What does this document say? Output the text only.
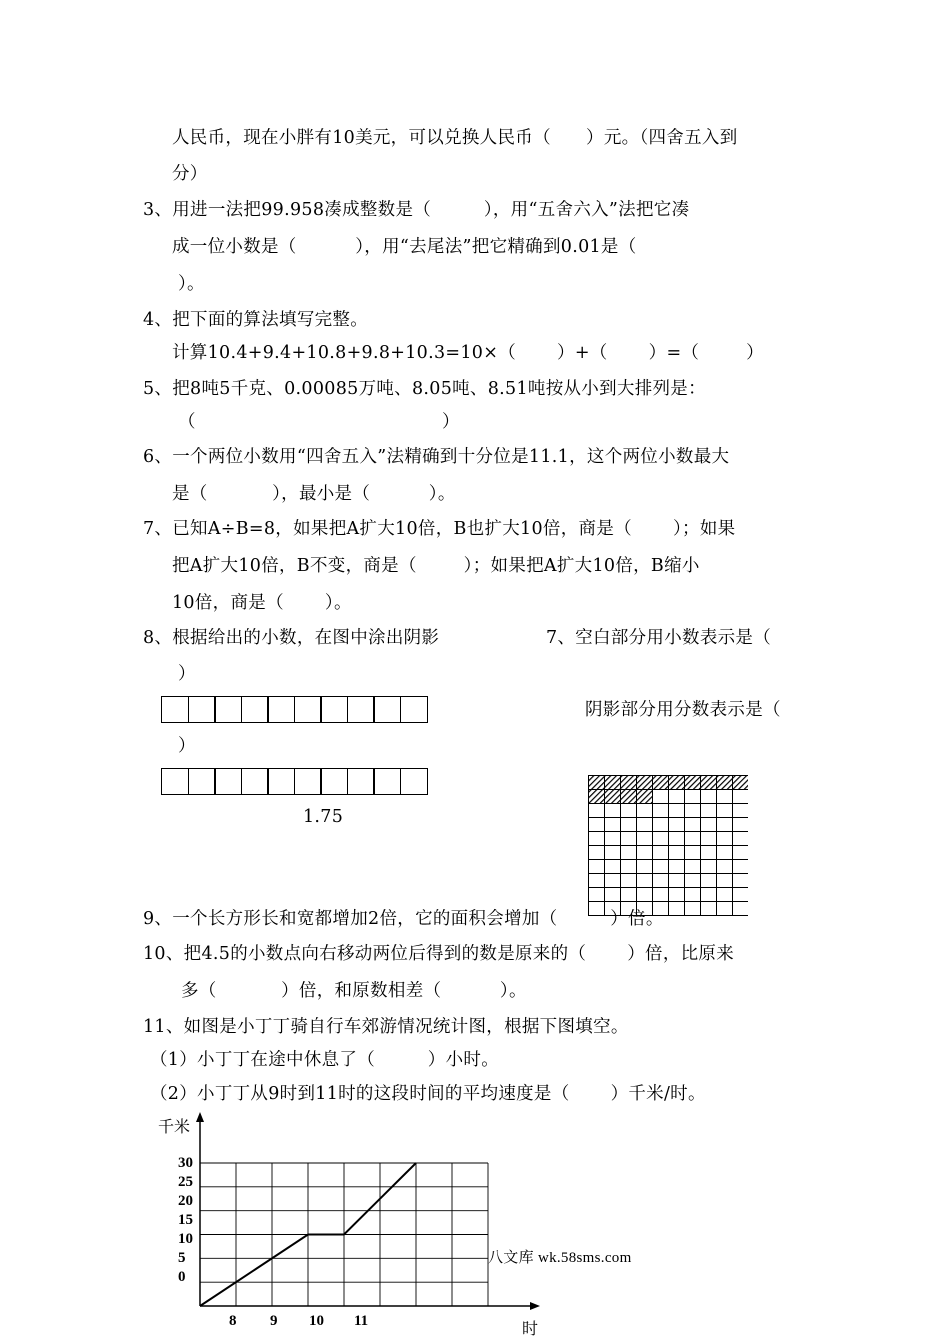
人民币，现在小胖有10美元，可以兑换人民币（      ）元。（四舍五入到
分）
3、用进一法把99.958凑成整数是（         ），用“五舍六入”法把它凑
成一位小数是（          ），用“去尾法”把它精确到0.01是（
）。
4、把下面的算法填写完整。
计算10.4+9.4+10.8+9.8+10.3=10×（       ）+（       ）=（        ）
5、把8吨5千克、0.00085万吨、8.05吨、8.51吨按从小到大排列是：
（                                          ）
6、一个两位小数用“四舍五入”法精确到十分位是11.1，这个两位小数最大
是（           ），最小是（          ）。
7、已知A÷B=8，如果把A扩大10倍，B也扩大10倍，商是（       ）；如果
把A扩大10倍，B不变，商是（        ）；如果把A扩大10倍，B缩小
10倍，商是（       ）。
8、根据给出的小数，在图中涂出阴影	7、空白部分用小数表示是（
）
阴影部分用分数表示是（
）
1.75
9、一个长方形长和宽都增加2倍，它的面积会增加（         ）倍。
10、把4.5的小数点向右移动两位后得到的数是原来的（       ）倍，比原来
多（           ）倍，和原数相差（          ）。
11、如图是小丁丁骑自行车郊游情况统计图，根据下图填空。
（1）小丁丁在途中休息了（         ）小时。
（2）小丁丁从9时到11时的这段时间的平均速度是（       ）千米/时。
千米
时
30
25
20
15
10
5
0
8 9 10 11
八文库 wk.58sms.com
